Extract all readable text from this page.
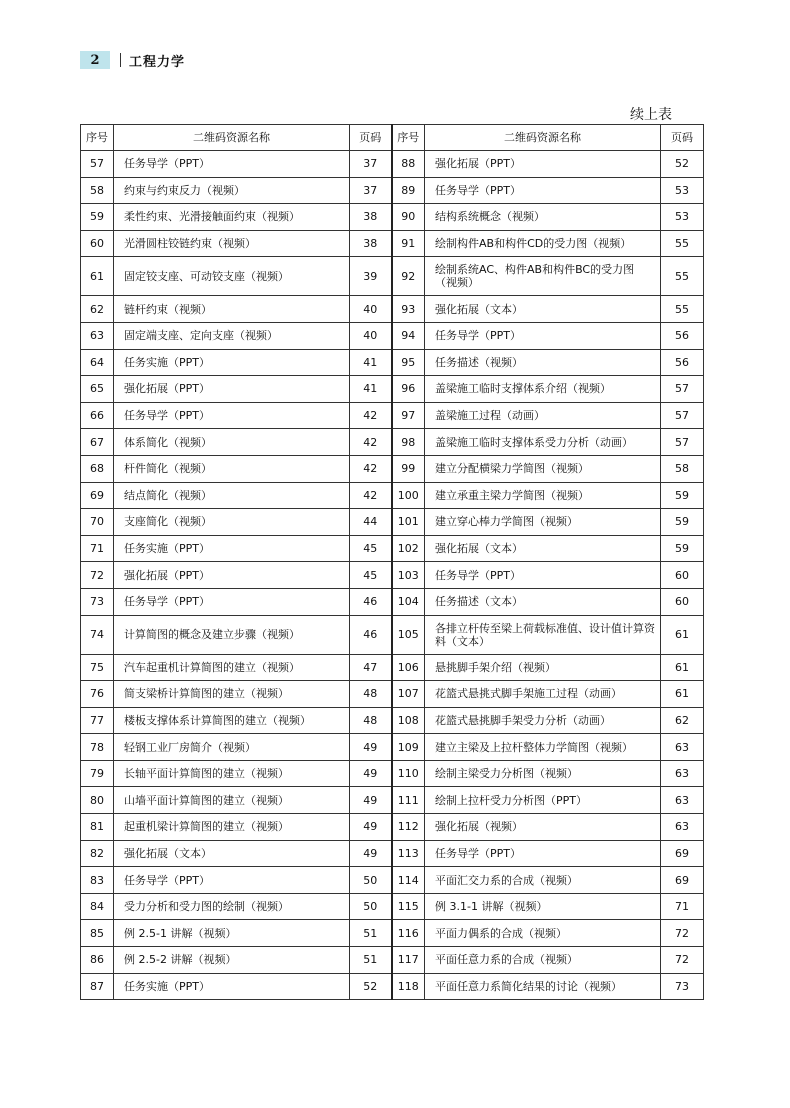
2	工程力学
续上表
序号	二维码资源名称	页码	序号	二维码资源名称	页码
57	任务导学（PPT）	37	88	强化拓展（PPT）	52
58	约束与约束反力（视频）	37	89	任务导学（PPT）	53
59	柔性约束、光滑接触面约束（视频）	38	90	结构系统概念（视频）	53
60	光滑圆柱铰链约束（视频）	38	91	绘制构件AB和构件CD的受力图（视频）	55
61	固定铰支座、可动铰支座（视频）	39	92	绘制系统AC、构件AB和构件BC的受力图（视频）	55
62	链杆约束（视频）	40	93	强化拓展（文本）	55
63	固定端支座、定向支座（视频）	40	94	任务导学（PPT）	56
64	任务实施（PPT）	41	95	任务描述（视频）	56
65	强化拓展（PPT）	41	96	盖梁施工临时支撑体系介绍（视频）	57
66	任务导学（PPT）	42	97	盖梁施工过程（动画）	57
67	体系简化（视频）	42	98	盖梁施工临时支撑体系受力分析（动画）	57
68	杆件简化（视频）	42	99	建立分配横梁力学简图（视频）	58
69	结点简化（视频）	42	100	建立承重主梁力学简图（视频）	59
70	支座简化（视频）	44	101	建立穿心棒力学简图（视频）	59
71	任务实施（PPT）	45	102	强化拓展（文本）	59
72	强化拓展（PPT）	45	103	任务导学（PPT）	60
73	任务导学（PPT）	46	104	任务描述（文本）	60
74	计算简图的概念及建立步骤（视频）	46	105	各排立杆传至梁上荷载标准值、设计值计算资料（文本）	61
75	汽车起重机计算简图的建立（视频）	47	106	悬挑脚手架介绍（视频）	61
76	简支梁桥计算简图的建立（视频）	48	107	花篮式悬挑式脚手架施工过程（动画）	61
77	楼板支撑体系计算简图的建立（视频）	48	108	花篮式悬挑脚手架受力分析（动画）	62
78	轻钢工业厂房简介（视频）	49	109	建立主梁及上拉杆整体力学简图（视频）	63
79	长轴平面计算简图的建立（视频）	49	110	绘制主梁受力分析图（视频）	63
80	山墙平面计算简图的建立（视频）	49	111	绘制上拉杆受力分析图（PPT）	63
81	起重机梁计算简图的建立（视频）	49	112	强化拓展（视频）	63
82	强化拓展（文本）	49	113	任务导学（PPT）	69
83	任务导学（PPT）	50	114	平面汇交力系的合成（视频）	69
84	受力分析和受力图的绘制（视频）	50	115	例 3.1-1 讲解（视频）	71
85	例 2.5-1 讲解（视频）	51	116	平面力偶系的合成（视频）	72
86	例 2.5-2 讲解（视频）	51	117	平面任意力系的合成（视频）	72
87	任务实施（PPT）	52	118	平面任意力系简化结果的讨论（视频）	73
